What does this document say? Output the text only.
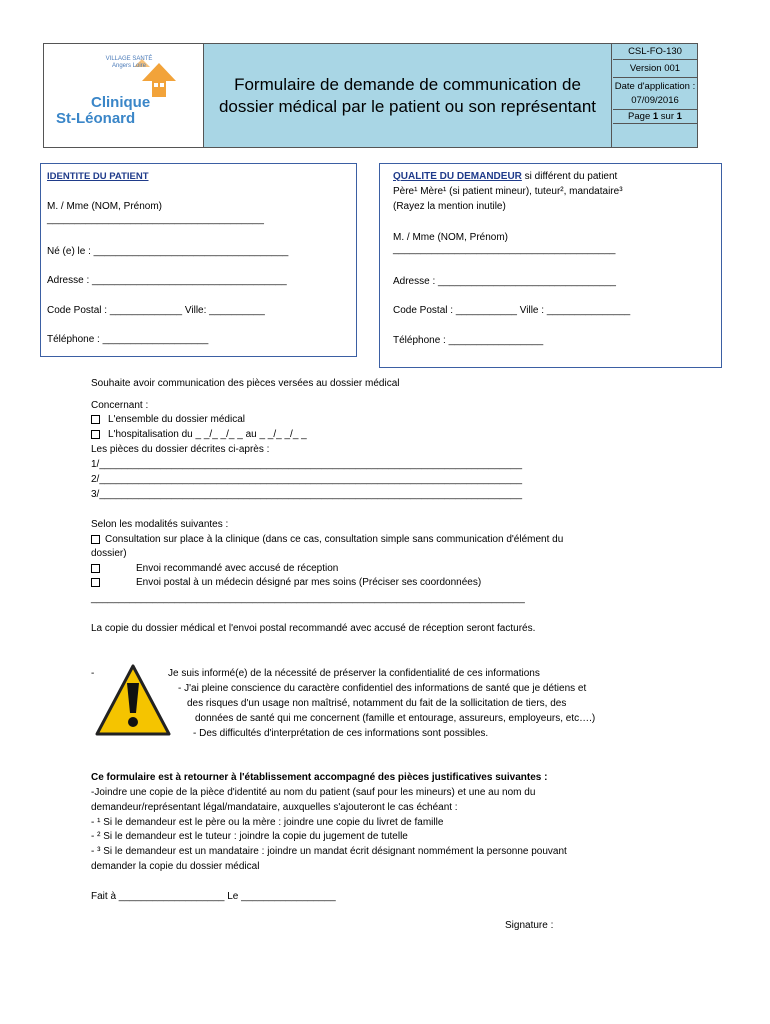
VILLAGE SANTÉ Angers Loire
Clinique
St-Léonard
Formulaire de demande de communication de dossier médical par le patient ou son représentant
CSL-FO-130
Version 001
Date d'application :
07/09/2016
Page 1 sur 1
IDENTITE DU PATIENT
M. / Mme (NOM, Prénom)
_______________________________________
Né (e) le : ___________________________________
Adresse : ___________________________________
Code Postal : _____________ Ville: __________
Téléphone : ___________________
QUALITE DU DEMANDEUR si différent du patient
Père¹ Mère¹ (si patient mineur), tuteur², mandataire³
(Rayez la mention inutile)
M. / Mme (NOM, Prénom)
________________________________________
Adresse : ________________________________
Code Postal : ___________ Ville : _______________
Téléphone : _________________
Souhaite avoir communication des pièces versées au dossier médical
Concernant :
L'ensemble du dossier médical
L'hospitalisation du _ _/_ _/_ _ au _ _/_ _/_ _
Les pièces du dossier décrites ci-après :
1/____________________________________________________________________________
2/____________________________________________________________________________
3/____________________________________________________________________________
Selon les modalités suivantes :
Consultation sur place à la clinique (dans ce cas, consultation simple sans communication d'élément du
dossier)
Envoi recommandé avec accusé de réception
Envoi postal à un médecin désigné par mes soins (Préciser ses coordonnées)
______________________________________________________________________________
La copie du dossier médical et l'envoi postal recommandé avec accusé de réception seront facturés.
-	Je suis informé(e) de la nécessité de préserver la confidentialité de ces informations
- J'ai pleine conscience du caractère confidentiel des informations de santé que je détiens et
des risques d'un usage non maîtrisé, notamment du fait de la sollicitation de tiers, des
données de santé qui me concernent (famille et entourage, assureurs, employeurs, etc….)
- Des difficultés d'interprétation de ces informations sont possibles.
Ce formulaire est à retourner à l'établissement accompagné des pièces justificatives suivantes :
-Joindre une copie de la pièce d'identité au nom du patient (sauf pour les mineurs) et une au nom du
demandeur/représentant légal/mandataire, auxquelles s'ajouteront le cas échéant :
- ¹ Si le demandeur est le père ou la mère : joindre une copie du livret de famille
- ² Si le demandeur est le tuteur : joindre la copie du jugement de tutelle
- ³ Si le demandeur est un mandataire : joindre un mandat écrit désignant nommément la personne pouvant
demander la copie du dossier médical
Fait à ___________________ Le _________________
Signature :
